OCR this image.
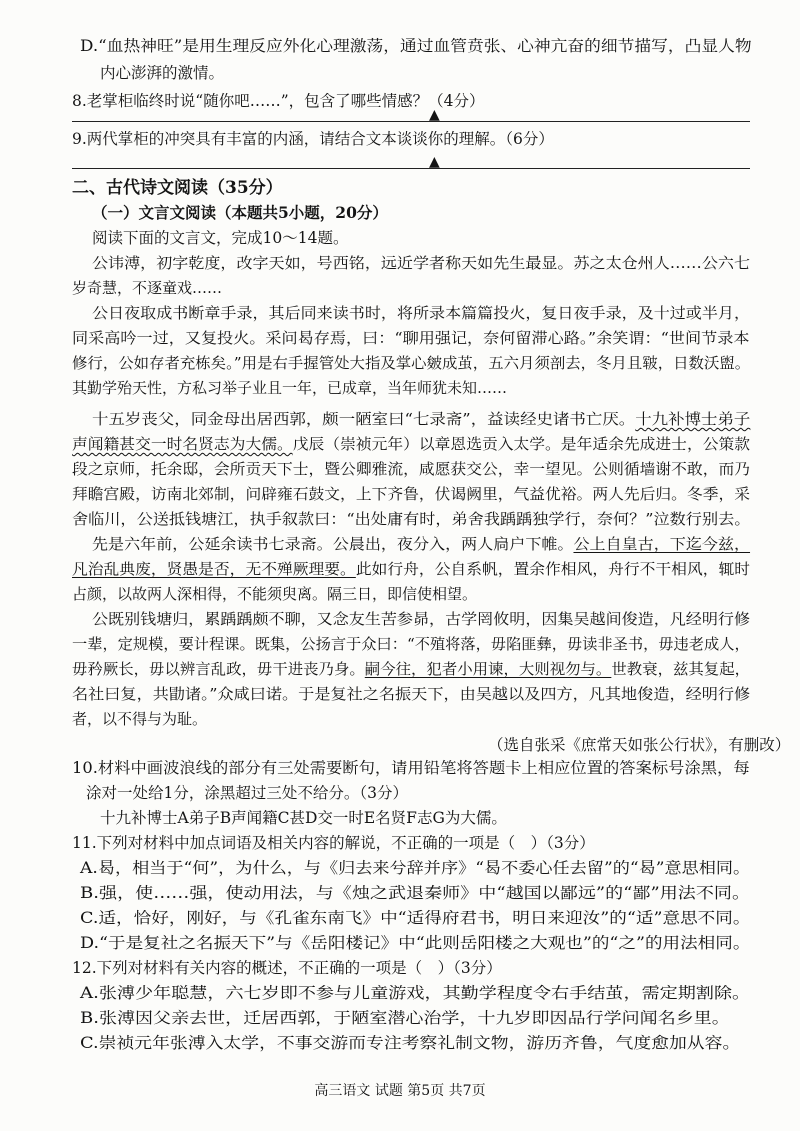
D.“血热神旺”是用生理反应外化心理激荡，通过血管贲张、心神亢奋的细节描写，凸显人物
内心澎湃的激情。
8.老掌柜临终时说“随你吧……”，包含了哪些情感？（4分）
9.两代掌柜的冲突具有丰富的内涵，请结合文本谈谈你的理解。（6分）
二、古代诗文阅读（35分）
（一）文言文阅读（本题共5小题，20分）
阅读下面的文言文，完成10～14题。
公讳溥，初字乾度，改字天如，号西铭，远近学者称天如先生最显。苏之太仓州人……公六七
岁奇慧，不逐童戏……
公日夜取成书断章手录，其后同来读书时，将所录本篇篇投火，复日夜手录，及十过或半月，
同采高吟一过，又复投火。采问曷存焉，曰：“聊用强记，奈何留滞心路。”余笑谓：“世间节录本
修行，公如存者充栋矣。”用是右手握管处大指及掌心皴成茧，五六月须剖去，冬月且皲，日数沃盥。
其勤学殆天性，方私习举子业且一年，已成章，当年师犹未知……
十五岁丧父，同金母出居西郭，颇一陋室曰“七录斋”，益读经史诸书亡厌。十九补博士弟子
声闻籍甚交一时名贤志为大儒。戊辰（崇祯元年）以章恩选贡入太学。是年适余先成进士，公策款
段之京师，托余邸，会所贡天下士，暨公卿雅流，咸愿获交公，幸一望见。公则循墙谢不敢，而乃
拜瞻宫殿，访南北郊制，问辟雍石鼓文，上下齐鲁，伏谒阙里，气益优裕。两人先后归。冬季，采
舍临川，公送抵钱塘江，执手叙款曰：“出处庸有时，弟舍我踽踽独学行，奈何？”泣数行别去。
先是六年前，公延余读书七录斋。公晨出，夜分入，两人扃户下帷。公上自皇古，下迄今兹，
凡治乱典废，贤愚是否，无不殚厥理要。此如行舟，公自系帆，置余作相风，舟行不干相风，辄时
占颜，以故两人深相得，不能须臾离。隔三日，即信使相望。
公既别钱塘归，累踽踽颇不聊，又念友生苦参昴，古学罔攸明，因集吴越间俊造，凡经明行修
一辈，定规模，要计程课。既集，公扬言于众曰：“不殖将落，毋陷匪彝，毋读非圣书，毋违老成人，
毋矜厥长，毋以辨言乱政，毋干进丧乃身。嗣今往，犯者小用谏，大则视勿与。世教衰，兹其复起，
名社曰复，共勖诸。”众咸曰诺。于是复社之名振天下，由吴越以及四方，凡其地俊造，经明行修
者，以不得与为耻。
（选自张采《庶常天如张公行状》，有删改）
10.材料中画波浪线的部分有三处需要断句，请用铅笔将答题卡上相应位置的答案标号涂黑，每
涂对一处给1分，涂黑超过三处不给分。（3分）
十九补博士A弟子B声闻籍C甚D交一时E名贤F志G为大儒。
11.下列对材料中加点词语及相关内容的解说，不正确的一项是（　）（3分）
A.曷，相当于“何”，为什么，与《归去来兮辞并序》“曷不委心任去留”的“曷”意思相同。
B.强，使……强，使动用法，与《烛之武退秦师》中“越国以鄙远”的“鄙”用法不同。
C.适，恰好，刚好，与《孔雀东南飞》中“适得府君书，明日来迎汝”的“适”意思不同。
D.“于是复社之名振天下”与《岳阳楼记》中“此则岳阳楼之大观也”的“之”的用法相同。
12.下列对材料有关内容的概述，不正确的一项是（　）（3分）
A.张溥少年聪慧，六七岁即不参与儿童游戏，其勤学程度令右手结茧，需定期割除。
B.张溥因父亲去世，迁居西郭，于陋室潜心治学，十九岁即因品行学问闻名乡里。
C.崇祯元年张溥入太学，不事交游而专注考察礼制文物，游历齐鲁，气度愈加从容。
▲
▲
高三语文 试题 第5页 共7页
